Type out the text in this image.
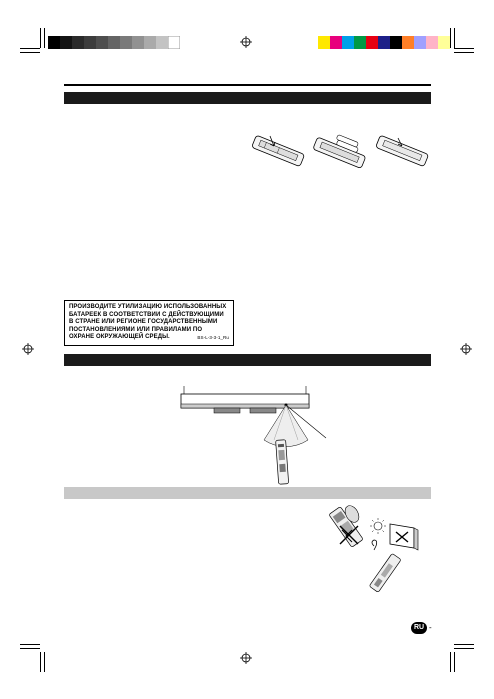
ПРОИЗВОДИТЕ УТИЛИЗАЦИЮ ИСПОЛЬЗОВАННЫХ БАТАРЕЕК В СООТВЕТСТВИИ С ДЕЙСТВУЮЩИМИ В СТРАНЕ ИЛИ РЕГИОНЕ ГОСУДАРСТВЕННЫМИ ПОСТАНОВЛЕНИЯМИ ИЛИ ПРАВИЛАМИ ПО ОХРАНЕ ОКРУЖАЮЩЕЙ СРЕДЫ.	BS-L-3-3-1_Ru
RU -
